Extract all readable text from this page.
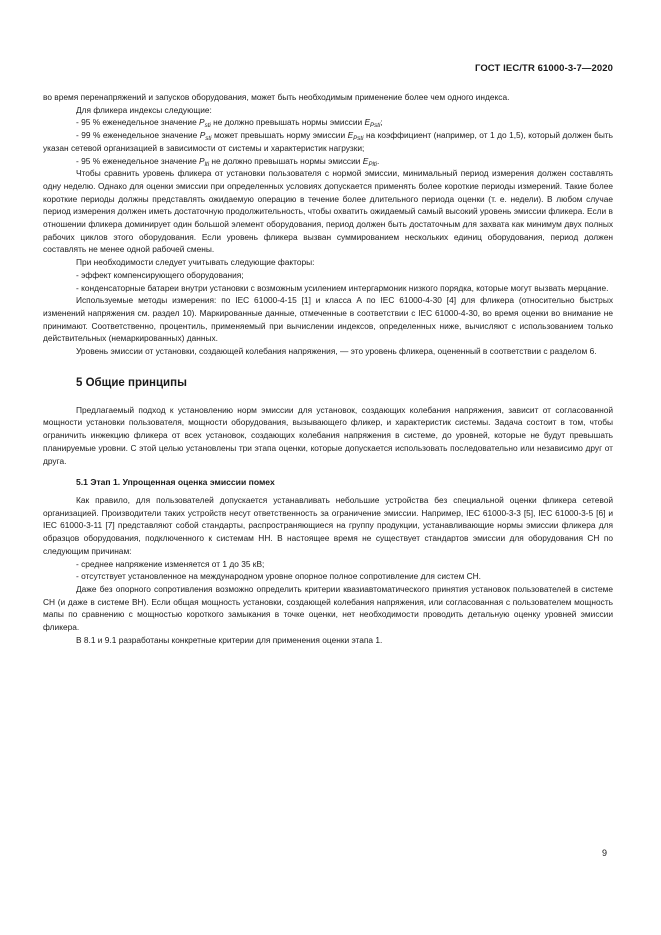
ГОСТ IEC/TR 61000-3-7—2020

во время перенапряжений и запусков оборудования, может быть необходимым применение более чем одного индекса.

Для фликера индексы следующие:

- 95 % еженедельное значение $P_{sti}$ не должно превышать нормы эмиссии $E_{Psti}$;

- 99 % еженедельное значение $P_{sti}$ может превышать норму эмиссии $E_{Psti}$ на коэффициент (например, от 1 до 1,5), который должен быть указан сетевой организацией в зависимости от системы и характеристик нагрузки;

- 95 % еженедельное значение $P_{lti}$ не должно превышать нормы эмиссии $E_{Plti}$.

Чтобы сравнить уровень фликера от установки пользователя с нормой эмиссии, минимальный период измерения должен составлять одну неделю. Однако для оценки эмиссии при определенных условиях допускается применять более короткие периоды измерений. Такие более короткие периоды должны представлять ожидаемую операцию в течение более длительного периода оценки (т. е. недели). В любом случае период измерения должен иметь достаточную продолжительность, чтобы охватить ожидаемый самый высокий уровень эмиссии фликера. Если в отношении фликера доминирует один большой элемент оборудования, период должен быть достаточным для захвата как минимум двух полных рабочих циклов этого оборудования. Если уровень фликера вызван суммированием нескольких единиц оборудования, период должен составлять не менее одной рабочей смены.

При необходимости следует учитывать следующие факторы:

- эффект компенсирующего оборудования;

- конденсаторные батареи внутри установки с возможным усилением интергармоник низкого порядка, которые могут вызвать мерцание.

Используемые методы измерения: по IEC 61000-4-15 [1] и класса A по IEC 61000-4-30 [4] для фликера (относительно быстрых изменений напряжения см. раздел 10). Маркированные данные, отмеченные в соответствии с IEC 61000-4-30, во время оценки во внимание не принимают. Соответственно, процентиль, применяемый при вычислении индексов, определенных ниже, вычисляют с использованием только действительных (немаркированных) данных.

Уровень эмиссии от установки, создающей колебания напряжения, — это уровень фликера, оцененный в соответствии с разделом 6.

5 Общие принципы

Предлагаемый подход к установлению норм эмиссии для установок, создающих колебания напряжения, зависит от согласованной мощности установки пользователя, мощности оборудования, вызывающего фликер, и характеристик системы. Задача состоит в том, чтобы ограничить инжекцию фликера от всех установок, создающих колебания напряжения в системе, до уровней, которые не будут превышать планируемые уровни. С этой целью установлены три этапа оценки, которые допускается использовать последовательно или независимо друг от друга.

5.1 Этап 1. Упрощенная оценка эмиссии помех

Как правило, для пользователей допускается устанавливать небольшие устройства без специальной оценки фликера сетевой организацией. Производители таких устройств несут ответственность за ограничение эмиссии. Например, IEC 61000-3-3 [5], IEC 61000-3-5 [6] и IEC 61000-3-11 [7] представляют собой стандарты, распространяющиеся на группу продукции, устанавливающие нормы эмиссии фликера для образцов оборудования, подключенного к системам НН. В настоящее время не существует стандартов эмиссии для оборудования СН по следующим причинам:

- среднее напряжение изменяется от 1 до 35 кВ;

- отсутствует установленное на международном уровне опорное полное сопротивление для систем СН.

Даже без опорного сопротивления возможно определить критерии квазиавтоматического принятия установок пользователей в системе СН (и даже в системе ВН). Если общая мощность установки, создающей колебания напряжения, или согласованная с пользователем мощность мапы по сравнению с мощностью короткого замыкания в точке оценки, нет необходимости проводить детальную оценку уровней эмиссии фликера.

В 8.1 и 9.1 разработаны конкретные критерии для применения оценки этапа 1.

9
